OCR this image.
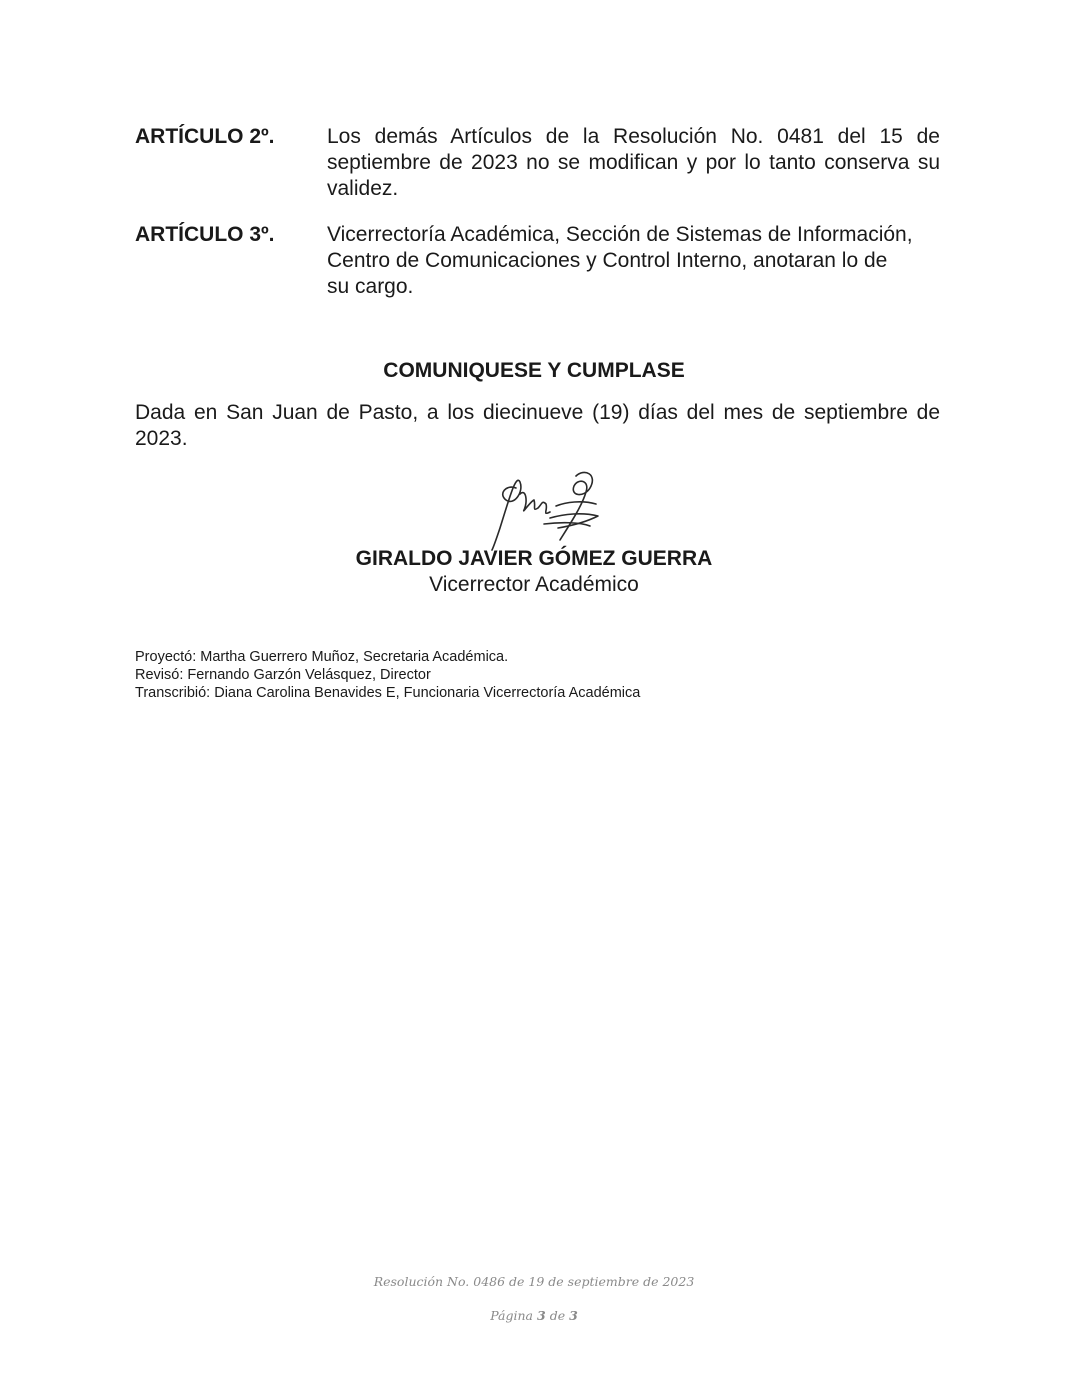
ARTÍCULO 2º. Los demás Artículos de la Resolución No. 0481 del 15 de
septiembre de 2023 no se modifican y por lo tanto conserva su
validez.
ARTÍCULO 3º. Vicerrectoría Académica, Sección de Sistemas de Información,
Centro de Comunicaciones y Control Interno, anotaran lo de
su cargo.
COMUNIQUESE Y CUMPLASE
Dada en San Juan de Pasto, a los diecinueve (19) días del mes de septiembre de
2023.
GIRALDO JAVIER GÓMEZ GUERRA
Vicerrector Académico
Proyectó: Martha Guerrero Muñoz, Secretaria Académica.
Revisó: Fernando Garzón Velásquez, Director
Transcribió: Diana Carolina Benavides E, Funcionaria Vicerrectoría Académica
Resolución No. 0486 de 19 de septiembre de 2023
Página 3 de 3
